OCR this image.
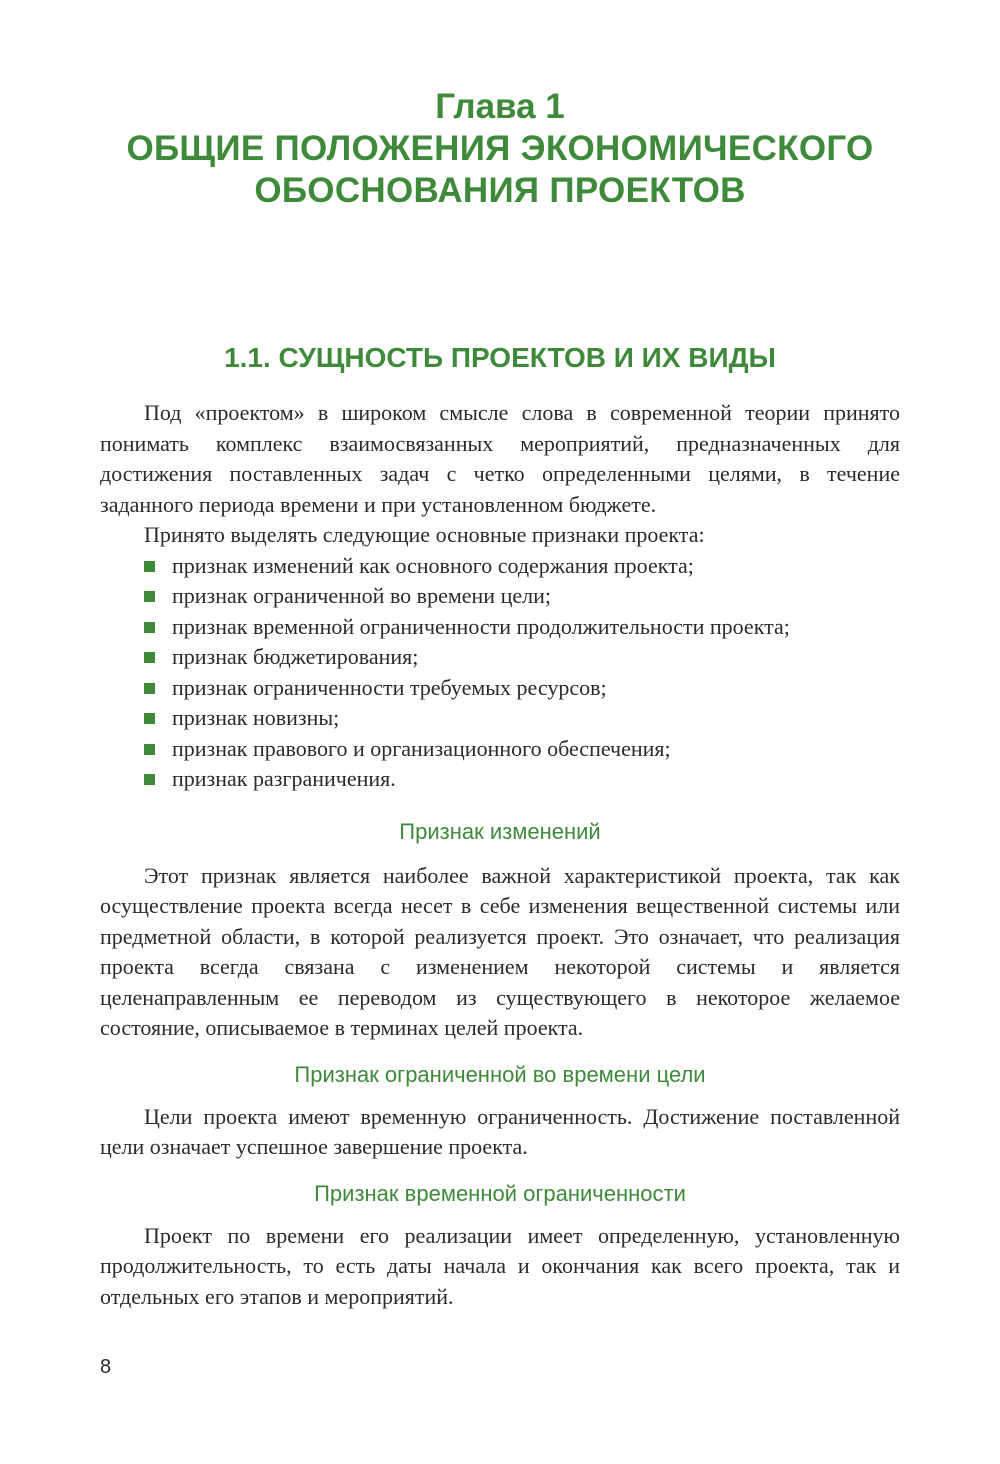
Глава 1
ОБЩИЕ ПОЛОЖЕНИЯ ЭКОНОМИЧЕСКОГО
ОБОСНОВАНИЯ ПРОЕКТОВ
1.1. СУЩНОСТЬ ПРОЕКТОВ И ИХ ВИДЫ

Под «проектом» в широком смысле слова в современной теории принято понимать комплекс взаимосвязанных мероприятий, предназначенных для достижения поставленных задач с четко определенными целями, в течение заданного периода времени и при установленном бюджете.

Принято выделять следующие основные признаки проекта:

признак изменений как основного содержания проекта;
признак ограниченной во времени цели;
признак временной ограниченности продолжительности проекта;
признак бюджетирования;
признак ограниченности требуемых ресурсов;
признак новизны;
признак правового и организационного обеспечения;
признак разграничения.

Признак изменений

Этот признак является наиболее важной характеристикой проекта, так как осуществление проекта всегда несет в себе изменения вещественной системы или предметной области, в которой реализуется проект. Это означает, что реализация проекта всегда связана с изменением некоторой системы и является целенаправленным ее переводом из существующего в некоторое желаемое состояние, описываемое в терминах целей проекта.

Признак ограниченной во времени цели

Цели проекта имеют временную ограниченность. Достижение поставленной цели означает успешное завершение проекта.

Признак временной ограниченности

Проект по времени его реализации имеет определенную, установленную продолжительность, то есть даты начала и окончания как всего проекта, так и отдельных его этапов и мероприятий.

8
